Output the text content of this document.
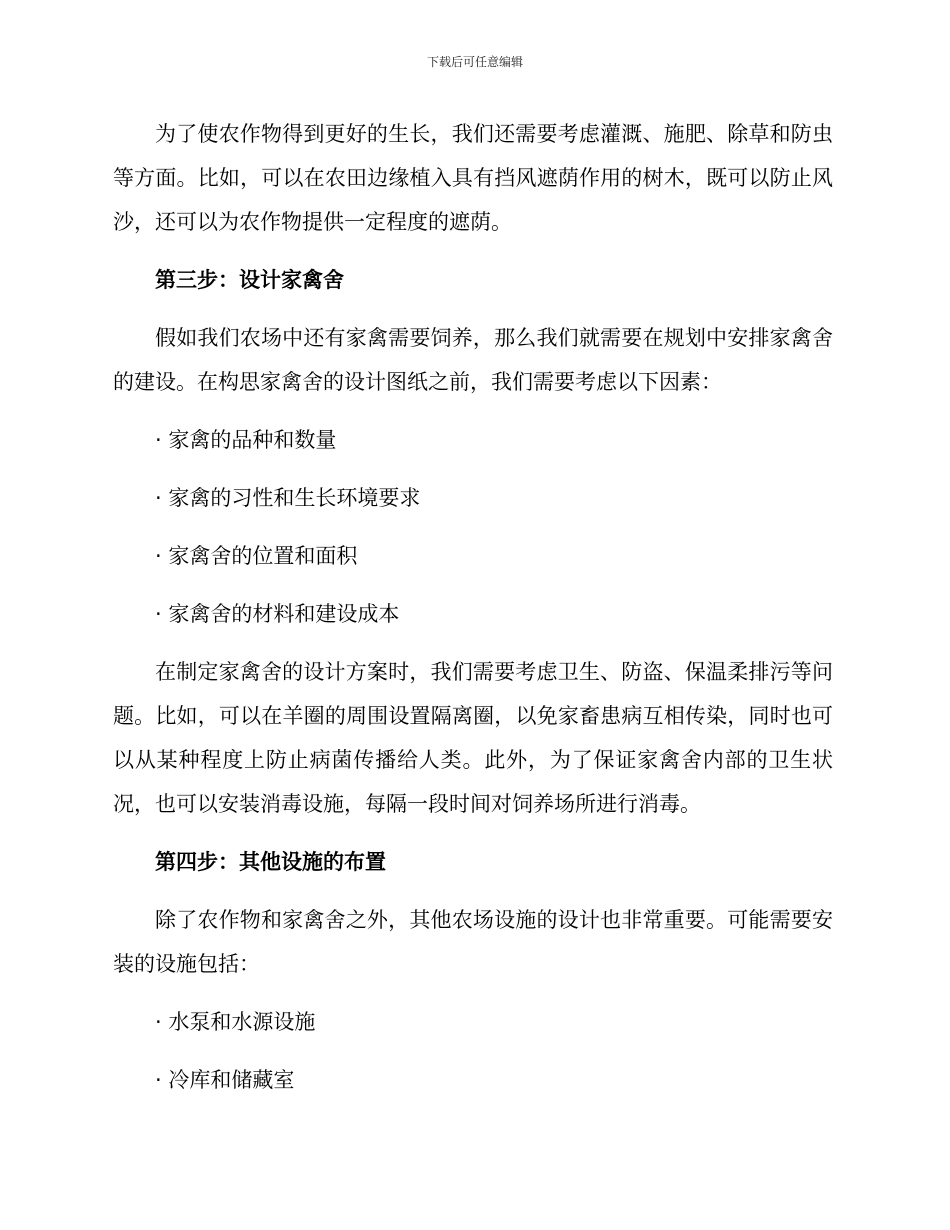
下载后可任意编辑

为了使农作物得到更好的生长，我们还需要考虑灌溉、施肥、除草和防虫等方面。比如，可以在农田边缘植入具有挡风遮荫作用的树木，既可以防止风沙，还可以为农作物提供一定程度的遮荫。

第三步：设计家禽舍

假如我们农场中还有家禽需要饲养，那么我们就需要在规划中安排家禽舍的建设。在构思家禽舍的设计图纸之前，我们需要考虑以下因素：

· 家禽的品种和数量

· 家禽的习性和生长环境要求

· 家禽舍的位置和面积

· 家禽舍的材料和建设成本

在制定家禽舍的设计方案时，我们需要考虑卫生、防盗、保温柔排污等问题。比如，可以在羊圈的周围设置隔离圈，以免家畜患病互相传染，同时也可以从某种程度上防止病菌传播给人类。此外，为了保证家禽舍内部的卫生状况，也可以安装消毒设施，每隔一段时间对饲养场所进行消毒。

第四步：其他设施的布置

除了农作物和家禽舍之外，其他农场设施的设计也非常重要。可能需要安装的设施包括：

· 水泵和水源设施

· 冷库和储藏室
